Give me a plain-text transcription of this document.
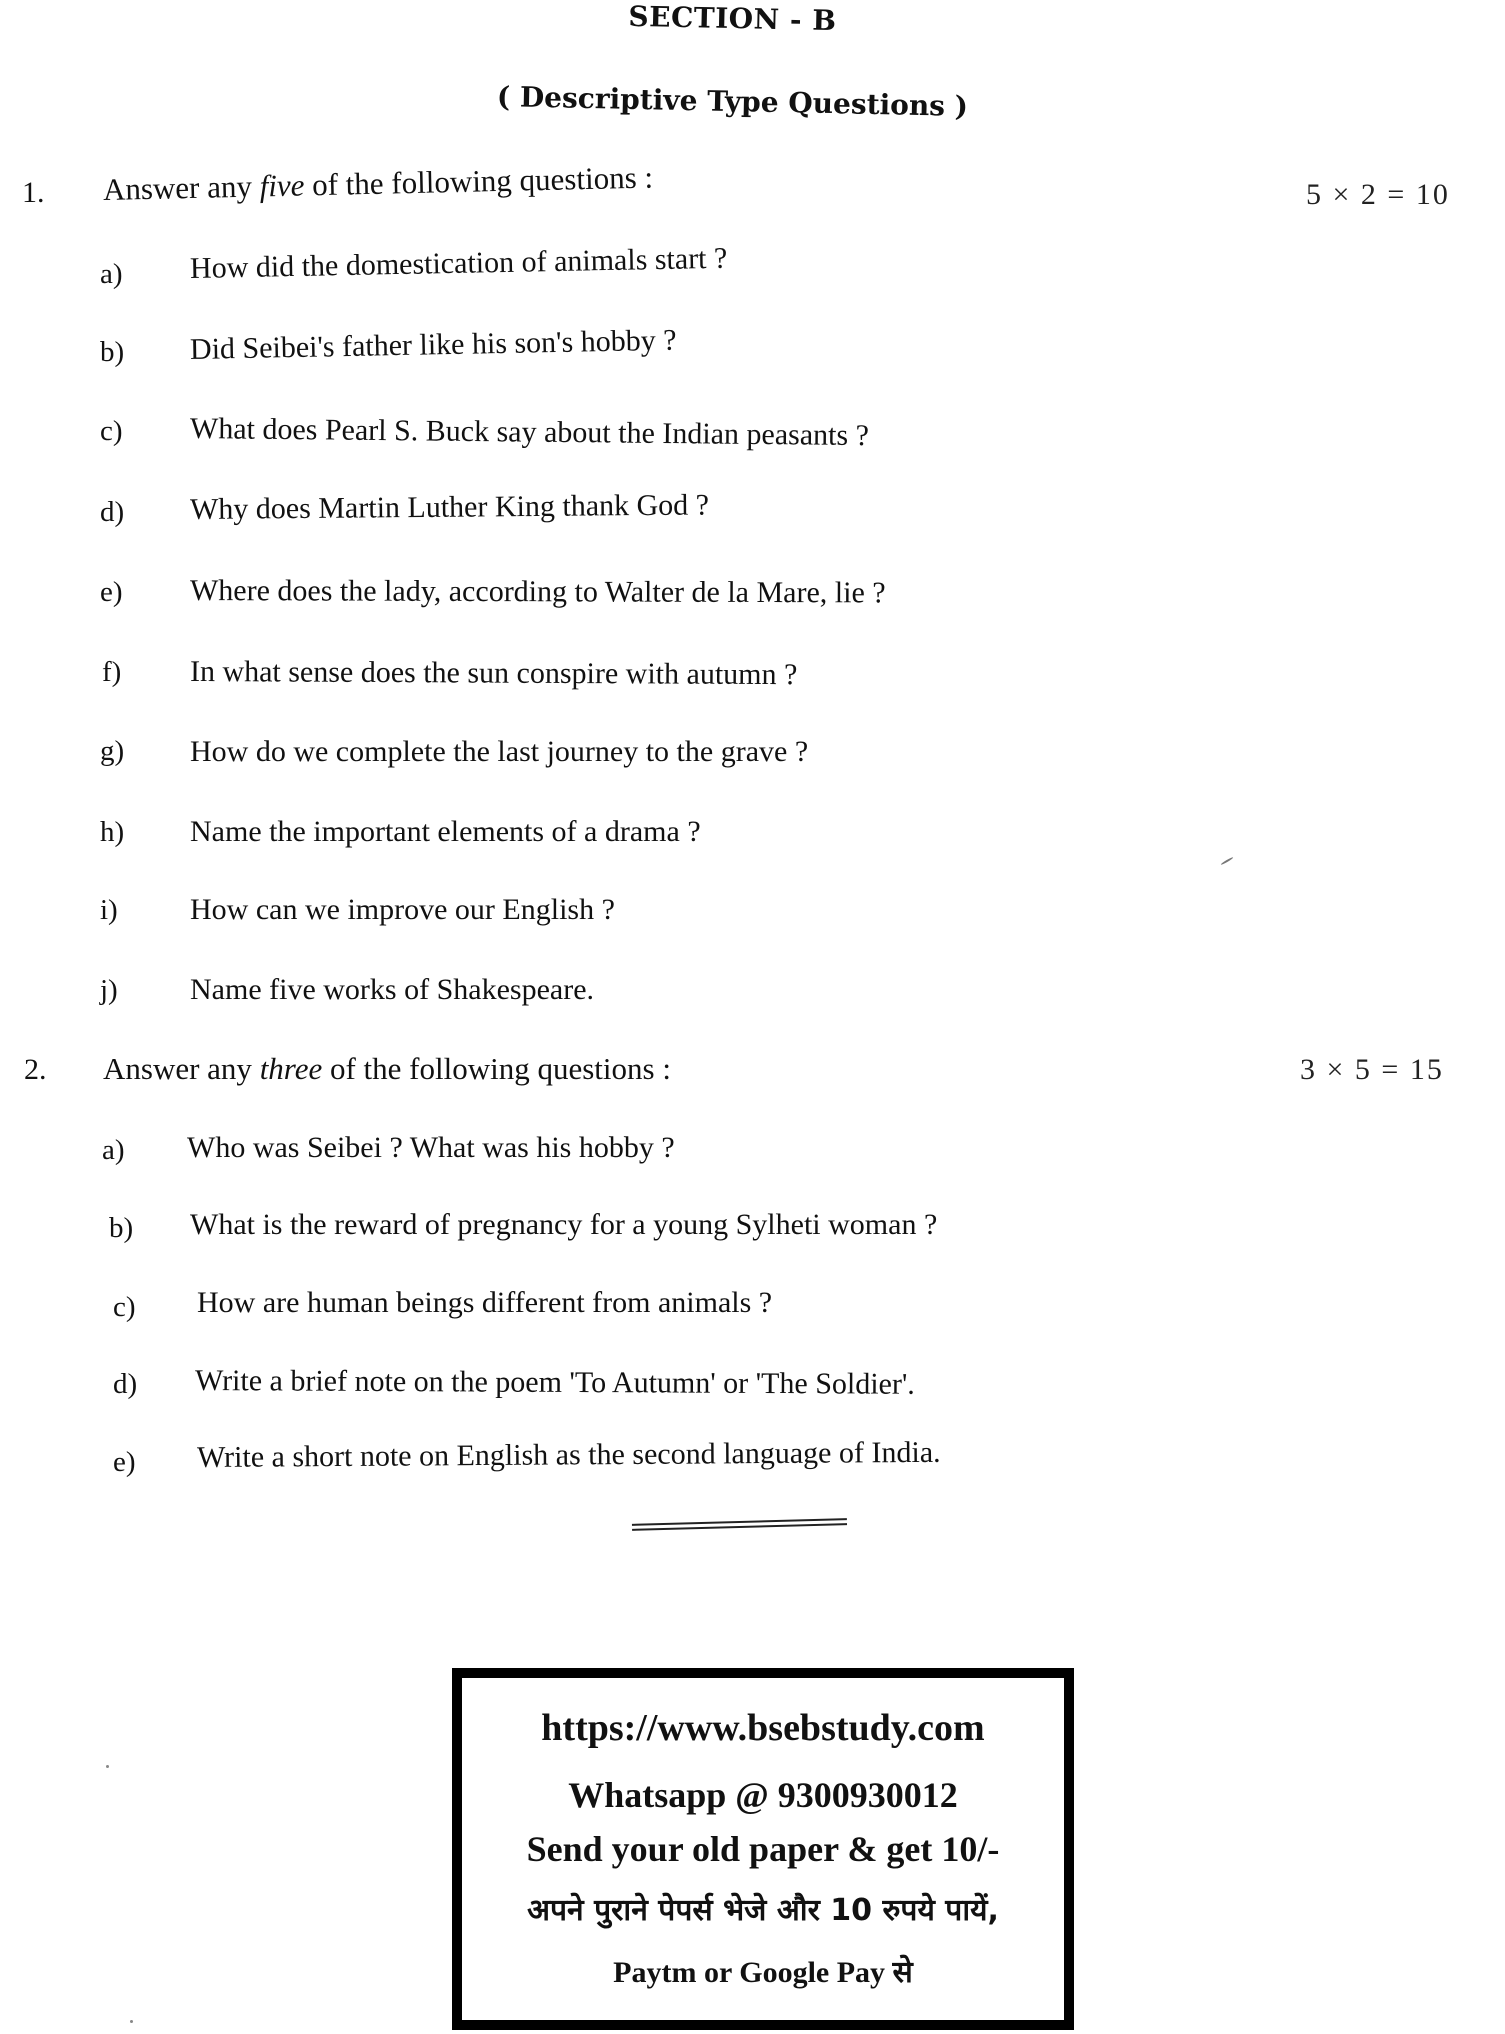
SECTION - B
( Descriptive Type Questions )
1. Answer any five of the following questions :	5 × 2 = 10
a) How did the domestication of animals start ?
b) Did Seibei's father like his son's hobby ?
c) What does Pearl S. Buck say about the Indian peasants ?
d) Why does Martin Luther King thank God ?
e) Where does the lady, according to Walter de la Mare, lie ?
f) In what sense does the sun conspire with autumn ?
g) How do we complete the last journey to the grave ?
h) Name the important elements of a drama ?
i) How can we improve our English ?
j) Name five works of Shakespeare.
2. Answer any three of the following questions :	3 × 5 = 15
a) Who was Seibei ? What was his hobby ?
b) What is the reward of pregnancy for a young Sylheti woman ?
c) How are human beings different from animals ?
d) Write a brief note on the poem 'To Autumn' or 'The Soldier'.
e) Write a short note on English as the second language of India.
https://www.bsebstudy.com
Whatsapp @ 9300930012
Send your old paper & get 10/-
अपने पुराने पेपर्स भेजे और 10 रुपये पायें,
Paytm or Google Pay से
